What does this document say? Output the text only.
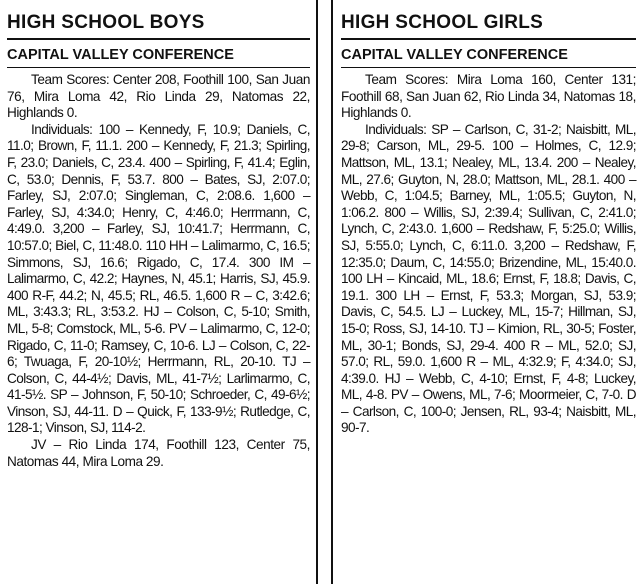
HIGH SCHOOL BOYS
CAPITAL VALLEY CONFERENCE

Team Scores: Center 208, Foothill 100, San Juan 76, Mira Loma 42, Rio Linda 29, Natomas 22, Highlands 0.

Individuals: 100 – Kennedy, F, 10.9; Daniels, C, 11.0; Brown, F, 11.1. 200 – Kennedy, F, 21.3; Spirling, F, 23.0; Daniels, C, 23.4. 400 – Spirling, F, 41.4; Eglin, C, 53.0; Dennis, F, 53.7. 800 – Bates, SJ, 2:07.0; Farley, SJ, 2:07.0; Singleman, C, 2:08.6. 1,600 – Farley, SJ, 4:34.0; Henry, C, 4:46.0; Herrmann, C, 4:49.0. 3,200 – Farley, SJ, 10:41.7; Herrmann, C, 10:57.0; Biel, C, 11:48.0. 110 HH – Lalimarmo, C, 16.5; Simmons, SJ, 16.6; Rigado, C, 17.4. 300 IM – Lalimarmo, C, 42.2; Haynes, N, 45.1; Harris, SJ, 45.9. 400 R-F, 44.2; N, 45.5; RL, 46.5. 1,600 R – C, 3:42.6; ML, 3:43.3; RL, 3:53.2. HJ – Colson, C, 5-10; Smith, ML, 5-8; Comstock, ML, 5-6. PV – Lalimarmo, C, 12-0; Rigado, C, 11-0; Ramsey, C, 10-6. LJ – Colson, C, 22-6; Twuaga, F, 20-10½; Herrmann, RL, 20-10. TJ – Colson, C, 44-4½; Davis, ML, 41-7½; Larlimarmo, C, 41-5½. SP – Johnson, F, 50-10; Schroeder, C, 49-6½; Vinson, SJ, 44-11. D – Quick, F, 133-9½; Rutledge, C, 128-1; Vinson, SJ, 114-2.

JV – Rio Linda 174, Foothill 123, Center 75, Natomas 44, Mira Loma 29.

HIGH SCHOOL GIRLS
CAPITAL VALLEY CONFERENCE

Team Scores: Mira Loma 160, Center 131; Foothill 68, San Juan 62, Rio Linda 34, Natomas 18, Highlands 0.

Individuals: SP – Carlson, C, 31-2; Naisbitt, ML, 29-8; Carson, ML, 29-5. 100 – Holmes, C, 12.9; Mattson, ML, 13.1; Nealey, ML, 13.4. 200 – Nealey, ML, 27.6; Guyton, N, 28.0; Mattson, ML, 28.1. 400 – Webb, C, 1:04.5; Barney, ML, 1:05.5; Guyton, N, 1:06.2. 800 – Willis, SJ, 2:39.4; Sullivan, C, 2:41.0; Lynch, C, 2:43.0. 1,600 – Redshaw, F, 5:25.0; Willis, SJ, 5:55.0; Lynch, C, 6:11.0. 3,200 – Redshaw, F, 12:35.0; Daum, C, 14:55.0; Brizendine, ML, 15:40.0. 100 LH – Kincaid, ML, 18.6; Ernst, F, 18.8; Davis, C, 19.1. 300 LH – Ernst, F, 53.3; Morgan, SJ, 53.9; Davis, C, 54.5. LJ – Luckey, ML, 15-7; Hillman, SJ, 15-0; Ross, SJ, 14-10. TJ – Kimion, RL, 30-5; Foster, ML, 30-1; Bonds, SJ, 29-4. 400 R – ML, 52.0; SJ, 57.0; RL, 59.0. 1,600 R – ML, 4:32.9; F, 4:34.0; SJ, 4:39.0. HJ – Webb, C, 4-10; Ernst, F, 4-8; Luckey, ML, 4-8. PV – Owens, ML, 7-6; Moormeier, C, 7-0. D – Carlson, C, 100-0; Jensen, RL, 93-4; Naisbitt, ML, 90-7.
